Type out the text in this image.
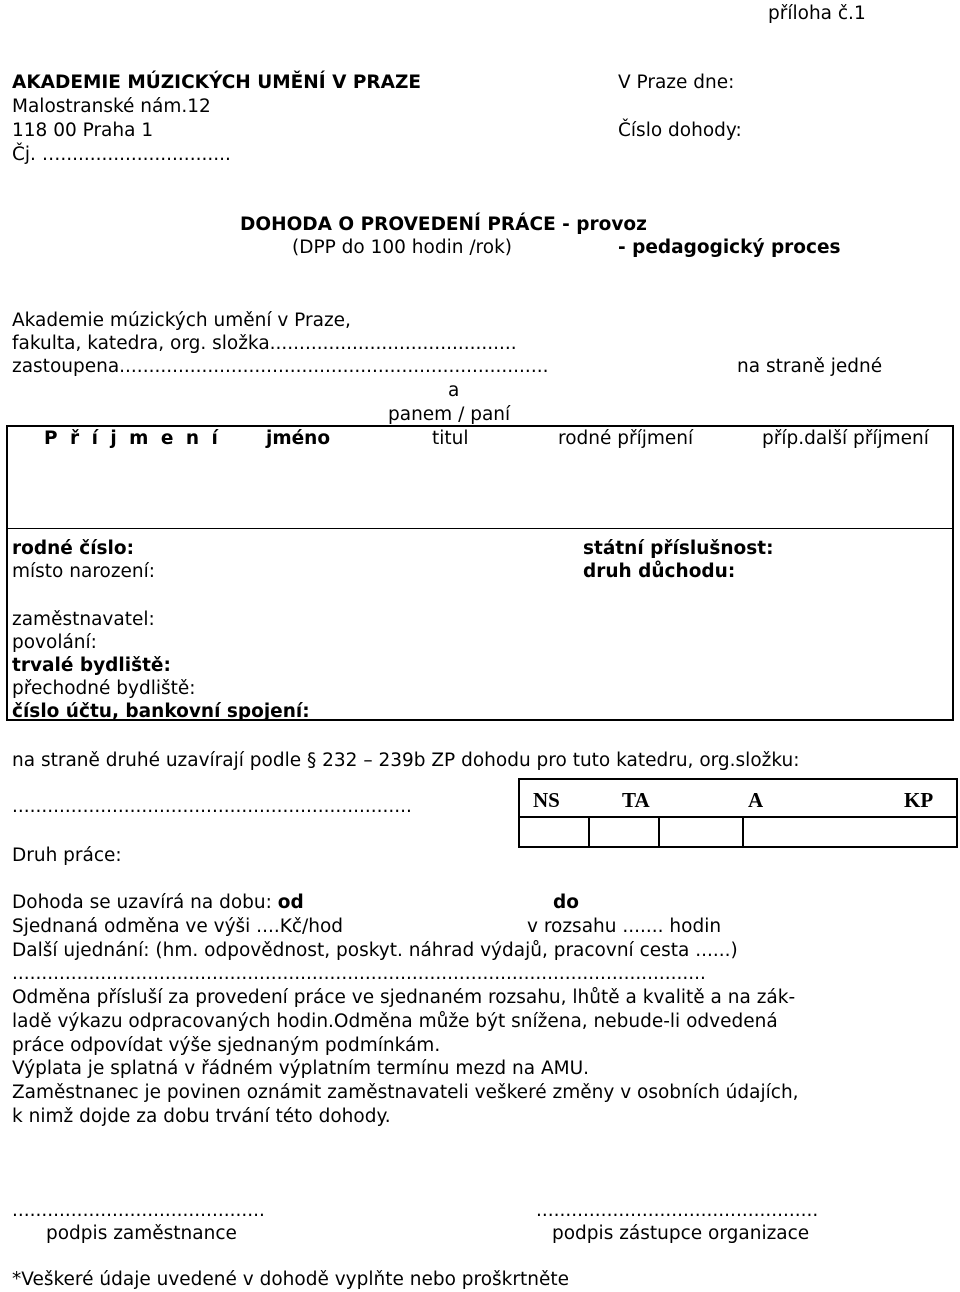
příloha č.1
AKADEMIE MÚZICKÝCH UMĚNÍ V PRAZE
Malostranské nám.12
118 00 Praha 1
Čj. ….............................
V Praze dne:
Číslo dohody:
DOHODA O PROVEDENÍ PRÁCE - provoz
(DPP do 100 hodin /rok)	- pedagogický proces
Akademie múzických umění v Praze,
fakulta, katedra, org. složka..........................................
zastoupena.........................................................................	na straně jedné
a
panem / paní
P ř í j m e n í jméno	titul	rodné příjmení	příp.další příjmení
rodné číslo:
místo narození:
státní příslušnost:
druh důchodu:
zaměstnavatel:
povolání:
trvalé bydliště:
přechodné bydliště:
číslo účtu, bankovní spojení:
na straně druhé uzavírají podle § 232 – 239b ZP dohodu pro tuto katedru, org.složku:
....................................................................
Druh práce:
NS	TA	A	KP
Dohoda se uzavírá na dobu: od	do
Sjednaná odměna ve výši ....Kč/hod	v rozsahu ....... hodin
Další ujednání: (hm. odpovědnost, poskyt. náhrad výdajů, pracovní cesta ......)
......................................................................................................................
Odměna přísluší za provedení práce ve sjednaném rozsahu, lhůtě a kvalitě a na zák-
ladě výkazu odpracovaných hodin.Odměna může být snížena, nebude-li odvedená
práce odpovídat výše sjednaným podmínkám.
Výplata je splatná v řádném výplatním termínu mezd na AMU.
Zaměstnanec je povinen oznámit zaměstnavateli veškeré změny v osobních údajích,
k nimž dojde za dobu trvání této dohody.
...........................................
podpis zaměstnance
................................................
podpis zástupce organizace
*Veškeré údaje uvedené v dohodě vyplňte nebo proškrtněte
